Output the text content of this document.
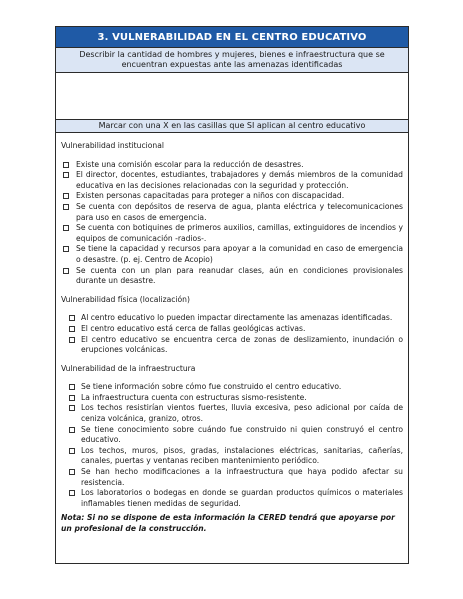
3. VULNERABILIDAD EN EL CENTRO EDUCATIVO
Describir la cantidad de hombres y mujeres, bienes e infraestructura que se encuentran expuestas ante las amenazas identificadas
Marcar con una X en las casillas que SI aplican al centro educativo
Vulnerabilidad institucional
Existe una comisión escolar para la reducción de desastres.
El director, docentes, estudiantes, trabajadores y demás miembros de la comunidad educativa en las decisiones relacionadas con la seguridad y protección.
Existen personas capacitadas para proteger a niños con discapacidad.
Se cuenta con depósitos de reserva de agua, planta eléctrica y telecomunicaciones para uso en casos de emergencia.
Se cuenta con botiquines de primeros auxilios, camillas, extinguidores de incendios y equipos de comunicación -radios-.
Se tiene la capacidad y recursos para apoyar a la comunidad en caso de emergencia o desastre. (p. ej. Centro de Acopio)
Se cuenta con un plan para reanudar clases, aún en condiciones provisionales durante un desastre.
Vulnerabilidad física (localización)
Al centro educativo lo pueden impactar directamente las amenazas identificadas.
El centro educativo está cerca de fallas geológicas activas.
El centro educativo se encuentra cerca de zonas de deslizamiento, inundación o erupciones volcánicas.
Vulnerabilidad de la infraestructura
Se tiene información sobre cómo fue construido el centro educativo.
La infraestructura cuenta con estructuras sismo-resistente.
Los techos resistirían vientos fuertes, lluvia excesiva, peso adicional por caída de ceniza volcánica, granizo, otros.
Se tiene conocimiento sobre cuándo fue construido ni quien construyó el centro educativo.
Los techos, muros, pisos, gradas, instalaciones eléctricas, sanitarias, cañerías, canales, puertas y ventanas reciben mantenimiento periódico.
Se han hecho modificaciones a la infraestructura que haya podido afectar su resistencia.
Los laboratorios o bodegas en donde se guardan productos químicos o materiales inflamables tienen medidas de seguridad.
Nota: Si no se dispone de esta información la CERED tendrá que apoyarse por un profesional de la construcción.
